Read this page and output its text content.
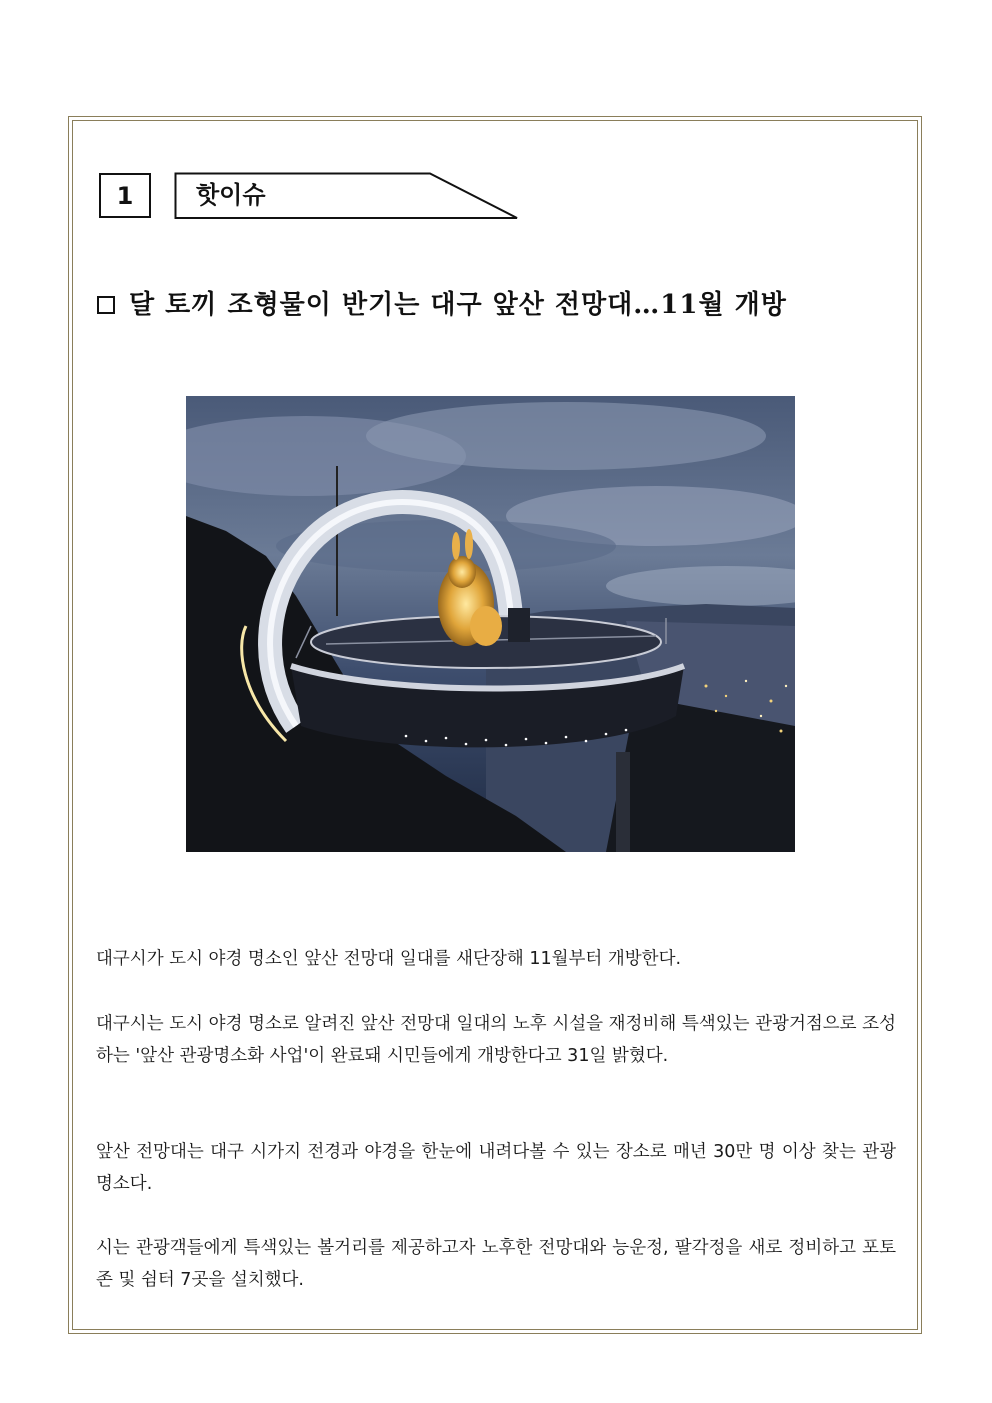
1	핫이슈
달 토끼 조형물이 반기는 대구 앞산 전망대…11월 개방
대구시가 도시 야경 명소인 앞산 전망대 일대를 새단장해 11월부터 개방한다.
대구시는 도시 야경 명소로 알려진 앞산 전망대 일대의 노후 시설을 재정비해 특색있는 관광거점으로 조성하는 '앞산 관광명소화 사업'이 완료돼 시민들에게 개방한다고 31일 밝혔다.
앞산 전망대는 대구 시가지 전경과 야경을 한눈에 내려다볼 수 있는 장소로 매년 30만 명 이상 찾는 관광 명소다.
시는 관광객들에게 특색있는 볼거리를 제공하고자 노후한 전망대와 능운정, 팔각정을 새로 정비하고 포토존 및 쉼터 7곳을 설치했다.
